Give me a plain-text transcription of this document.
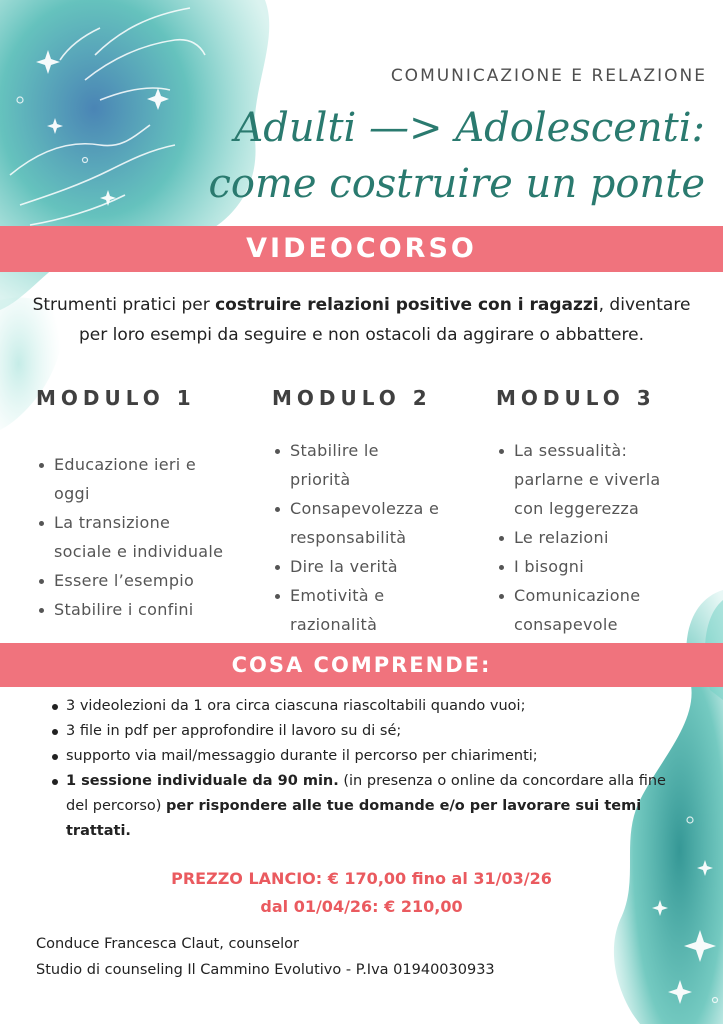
COMUNICAZIONE E RELAZIONE
Adulti —> Adolescenti:
come costruire un ponte
VIDEOCORSO
Strumenti pratici per costruire relazioni positive con i ragazzi, diventare
per loro esempi da seguire e non ostacoli da aggirare o abbattere.
MODULO 1
Educazione ieri e
oggi
La transizione
sociale e individuale
Essere l’esempio
Stabilire i confini
MODULO 2
Stabilire le
priorità
Consapevolezza e
responsabilità
Dire la verità
Emotività e
razionalità
MODULO 3
La sessualità:
parlarne e viverla
con leggerezza
Le relazioni
I bisogni
Comunicazione
consapevole
COSA COMPRENDE:
3 videolezioni da 1 ora circa ciascuna riascoltabili quando vuoi;
3 file in pdf per approfondire il lavoro su di sé;
supporto via mail/messaggio durante il percorso per chiarimenti;
1 sessione individuale da 90 min. (in presenza o online da concordare alla fine del percorso) per rispondere alle tue domande e/o per lavorare sui temi trattati.
PREZZO LANCIO: € 170,00 fino al 31/03/26
dal 01/04/26: € 210,00
Conduce Francesca Claut, counselor
Studio di counseling Il Cammino Evolutivo - P.Iva 01940030933
